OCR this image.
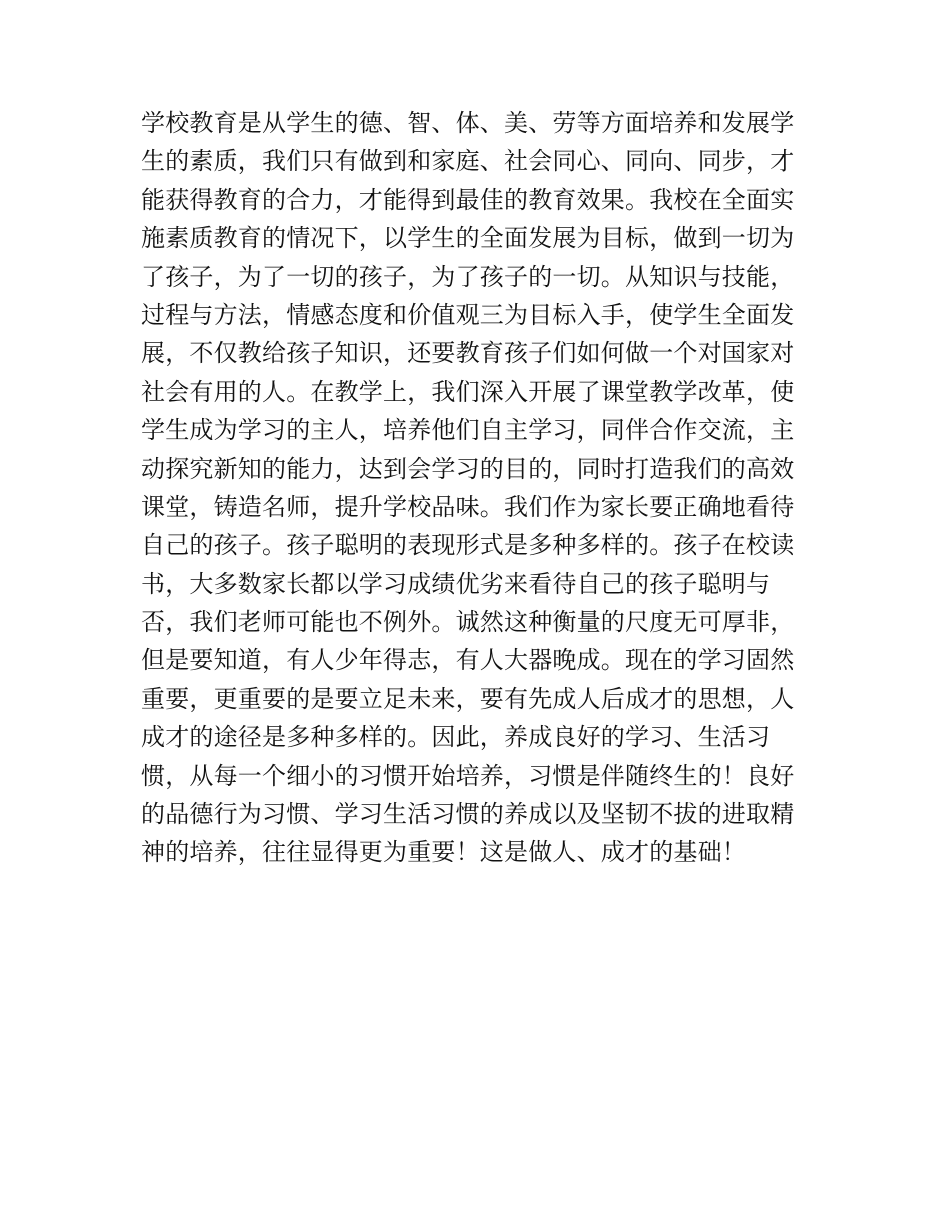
学校教育是从学生的德、智、体、美、劳等方面培养和发展学
生的素质，我们只有做到和家庭、社会同心、同向、同步，才
能获得教育的合力，才能得到最佳的教育效果。我校在全面实
施素质教育的情况下，以学生的全面发展为目标，做到一切为
了孩子，为了一切的孩子，为了孩子的一切。从知识与技能，
过程与方法，情感态度和价值观三为目标入手，使学生全面发
展，不仅教给孩子知识，还要教育孩子们如何做一个对国家对
社会有用的人。在教学上，我们深入开展了课堂教学改革，使
学生成为学习的主人，培养他们自主学习，同伴合作交流，主
动探究新知的能力，达到会学习的目的，同时打造我们的高效
课堂，铸造名师，提升学校品味。我们作为家长要正确地看待
自己的孩子。孩子聪明的表现形式是多种多样的。孩子在校读
书，大多数家长都以学习成绩优劣来看待自己的孩子聪明与
否，我们老师可能也不例外。诚然这种衡量的尺度无可厚非，
但是要知道，有人少年得志，有人大器晚成。现在的学习固然
重要，更重要的是要立足未来，要有先成人后成才的思想，人
成才的途径是多种多样的。因此，养成良好的学习、生活习
惯，从每一个细小的习惯开始培养，习惯是伴随终生的！良好
的品德行为习惯、学习生活习惯的养成以及坚韧不拔的进取精
神的培养，往往显得更为重要！这是做人、成才的基础！
